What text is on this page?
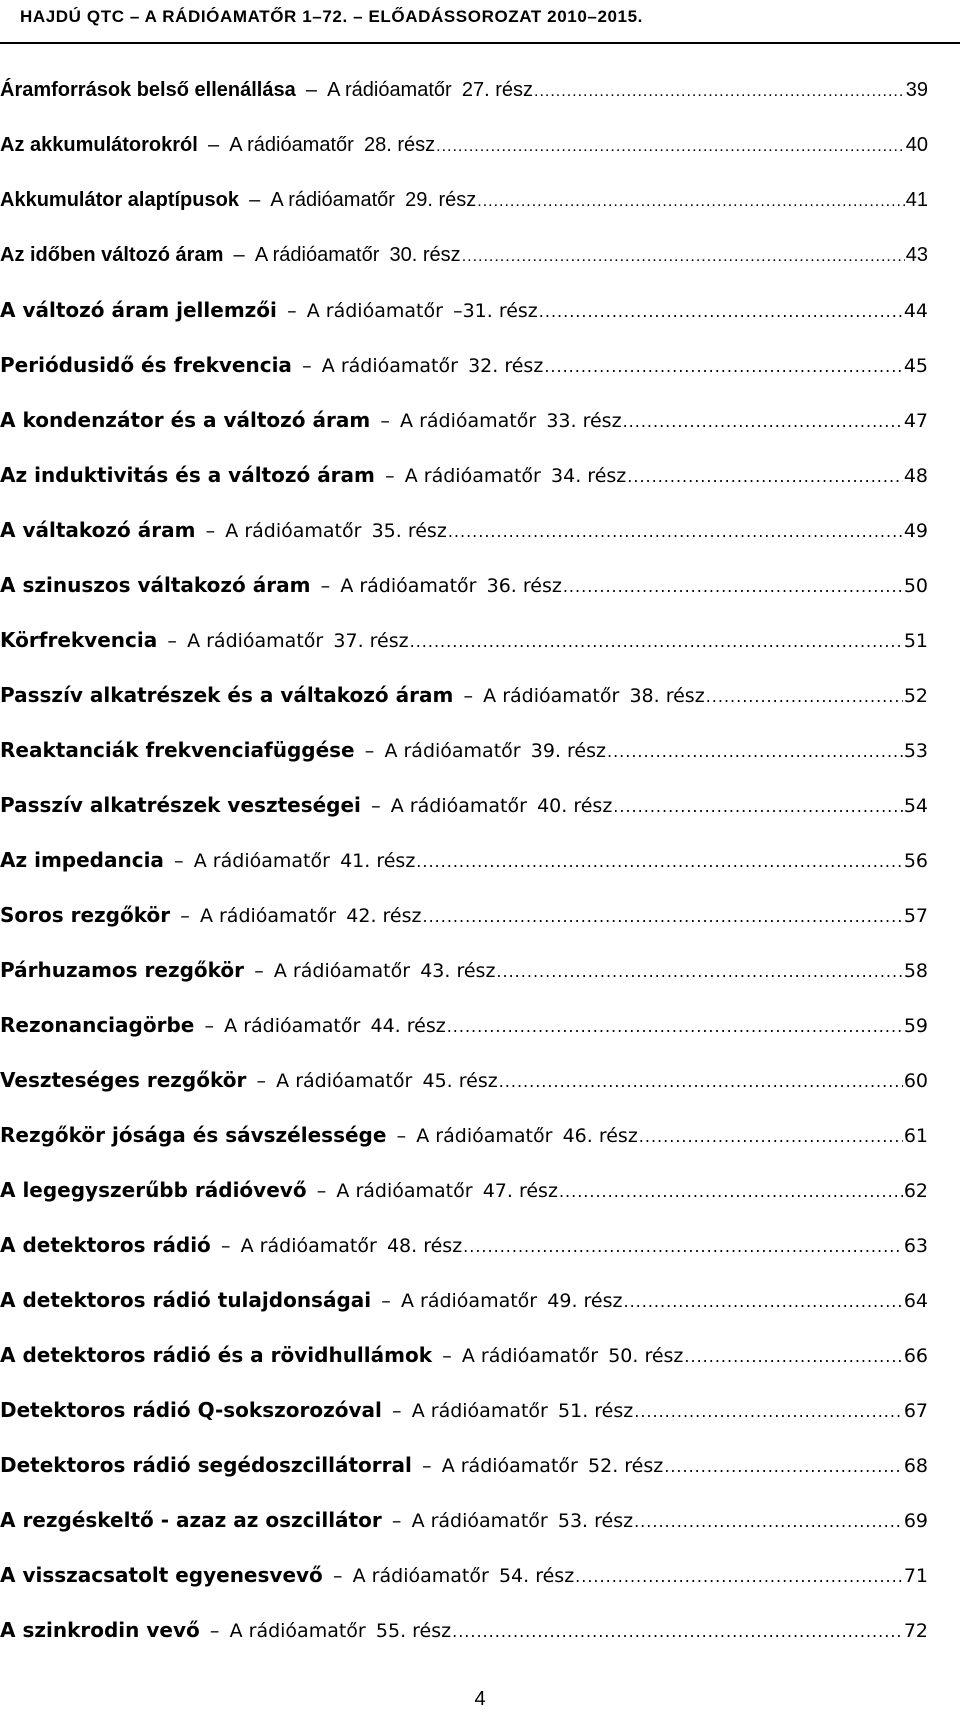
HAJDÚ QTC – A RÁDIÓAMATŐR 1–72. – ELŐADÁSSOROZAT 2010–2015.
Áramforrások belső ellenállása
–
A rádióamatőr
27. rész .....	39
Az akkumulátorokról
–
A rádióamatőr
28. rész .....	40
Akkumulátor alaptípusok
–
A rádióamatőr
29. rész .....	41
Az időben változó áram
–
A rádióamatőr
30. rész .....	43
A változó áram jellemzői
–
A rádióamatőr
–31. rész .....	44
Periódusidő és frekvencia
–
A rádióamatőr
32. rész .....	45
A kondenzátor és a változó áram
–
A rádióamatőr
33. rész .....	47
Az induktivitás és a változó áram
–
A rádióamatőr
34. rész .....	48
A váltakozó áram
–
A rádióamatőr
35. rész .....	49
A szinuszos váltakozó áram
–
A rádióamatőr
36. rész .....	50
Körfrekvencia
–
A rádióamatőr
37. rész .....	51
Passzív alkatrészek és a váltakozó áram
–
A rádióamatőr
38. rész .....	52
Reaktanciák frekvenciafüggése
–
A rádióamatőr
39. rész .....	53
Passzív alkatrészek veszteségei
–
A rádióamatőr
40. rész .....	54
Az impedancia
–
A rádióamatőr
41. rész .....	56
Soros rezgőkör
–
A rádióamatőr
42. rész .....	57
Párhuzamos rezgőkör
–
A rádióamatőr
43. rész .....	58
Rezonanciagörbe
–
A rádióamatőr
44. rész .....	59
Veszteséges rezgőkör
–
A rádióamatőr
45. rész .....	60
Rezgőkör jósága és sávszélessége
–
A rádióamatőr
46. rész .....	61
A legegyszerűbb rádióvevő
–
A rádióamatőr
47. rész .....	62
A detektoros rádió
–
A rádióamatőr
48. rész .....	63
A detektoros rádió tulajdonságai
–
A rádióamatőr
49. rész .....	64
A detektoros rádió és a rövidhullámok
–
A rádióamatőr
50. rész .....	66
Detektoros rádió Q-sokszorozóval
–
A rádióamatőr
51. rész .....	67
Detektoros rádió segédoszcillátorral
–
A rádióamatőr
52. rész .....	68
A rezgéskeltő - azaz az oszcillátor
–
A rádióamatőr
53. rész .....	69
A visszacsatolt egyenesvevő
–
A rádióamatőr
54. rész .....	71
A szinkrodin vevő
–
A rádióamatőr
55. rész .....	72
4
